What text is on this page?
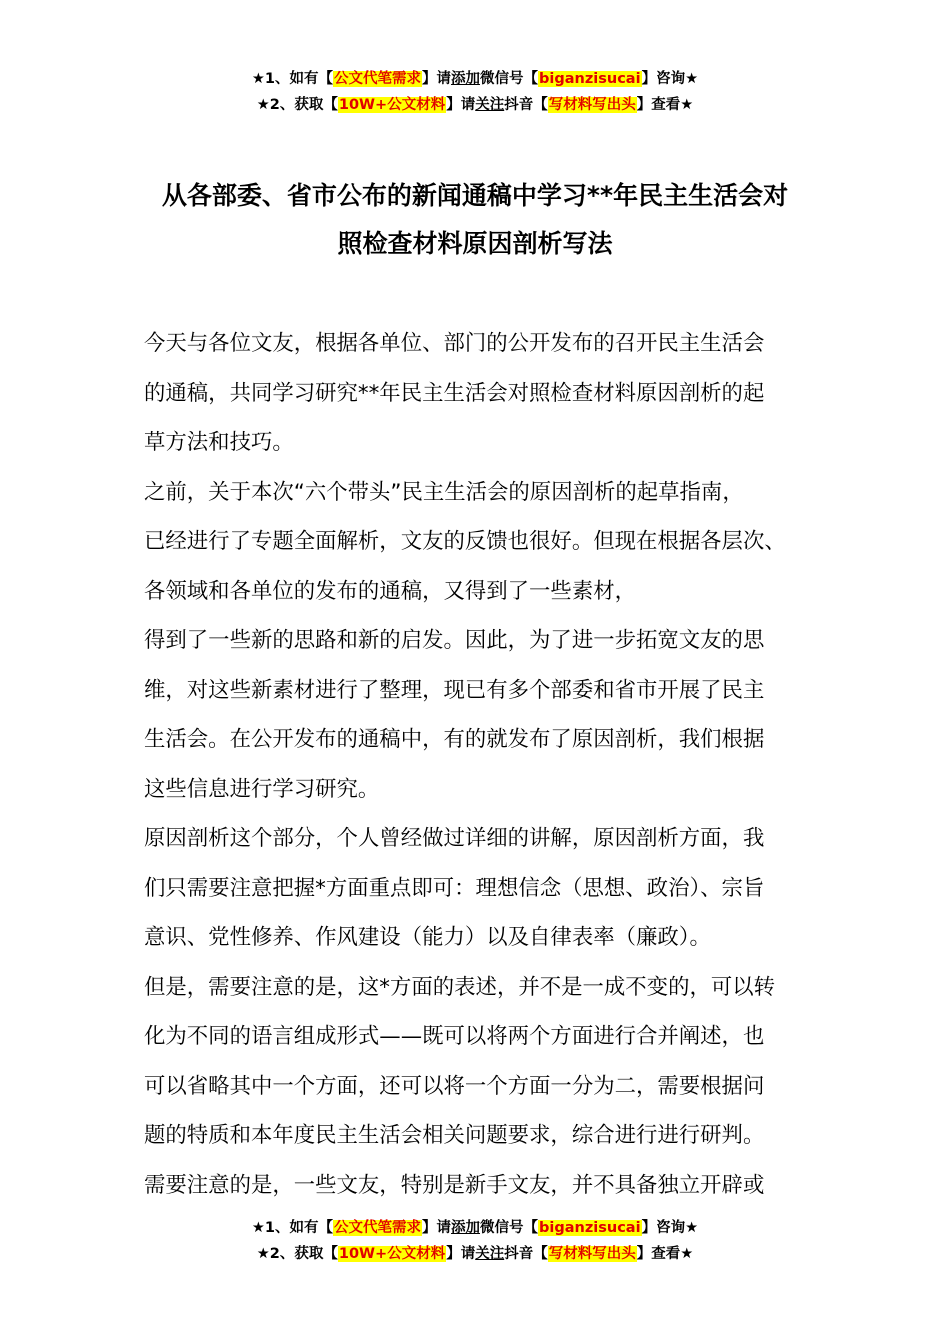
★1、如有【公文代笔需求】请添加微信号【biganzisucai】咨询★
★2、获取【10W+公文材料】请关注抖音【写材料写出头】查看★
从各部委、省市公布的新闻通稿中学习**年民主生活会对
照检查材料原因剖析写法
今天与各位文友，根据各单位、部门的公开发布的召开民主生活会
的通稿，共同学习研究**年民主生活会对照检查材料原因剖析的起
草方法和技巧。
之前，关于本次“六个带头”民主生活会的原因剖析的起草指南，
已经进行了专题全面解析，文友的反馈也很好。但现在根据各层次、
各领域和各单位的发布的通稿，又得到了一些素材，
得到了一些新的思路和新的启发。因此，为了进一步拓宽文友的思
维，对这些新素材进行了整理，现已有多个部委和省市开展了民主
生活会。在公开发布的通稿中，有的就发布了原因剖析，我们根据
这些信息进行学习研究。
原因剖析这个部分，个人曾经做过详细的讲解，原因剖析方面，我
们只需要注意把握*方面重点即可：理想信念（思想、政治）、宗旨
意识、党性修养、作风建设（能力）以及自律表率（廉政）。
但是，需要注意的是，这*方面的表述，并不是一成不变的，可以转
化为不同的语言组成形式——既可以将两个方面进行合并阐述，也
可以省略其中一个方面，还可以将一个方面一分为二，需要根据问
题的特质和本年度民主生活会相关问题要求，综合进行进行研判。
需要注意的是，一些文友，特别是新手文友，并不具备独立开辟或
★1、如有【公文代笔需求】请添加微信号【biganzisucai】咨询★
★2、获取【10W+公文材料】请关注抖音【写材料写出头】查看★
